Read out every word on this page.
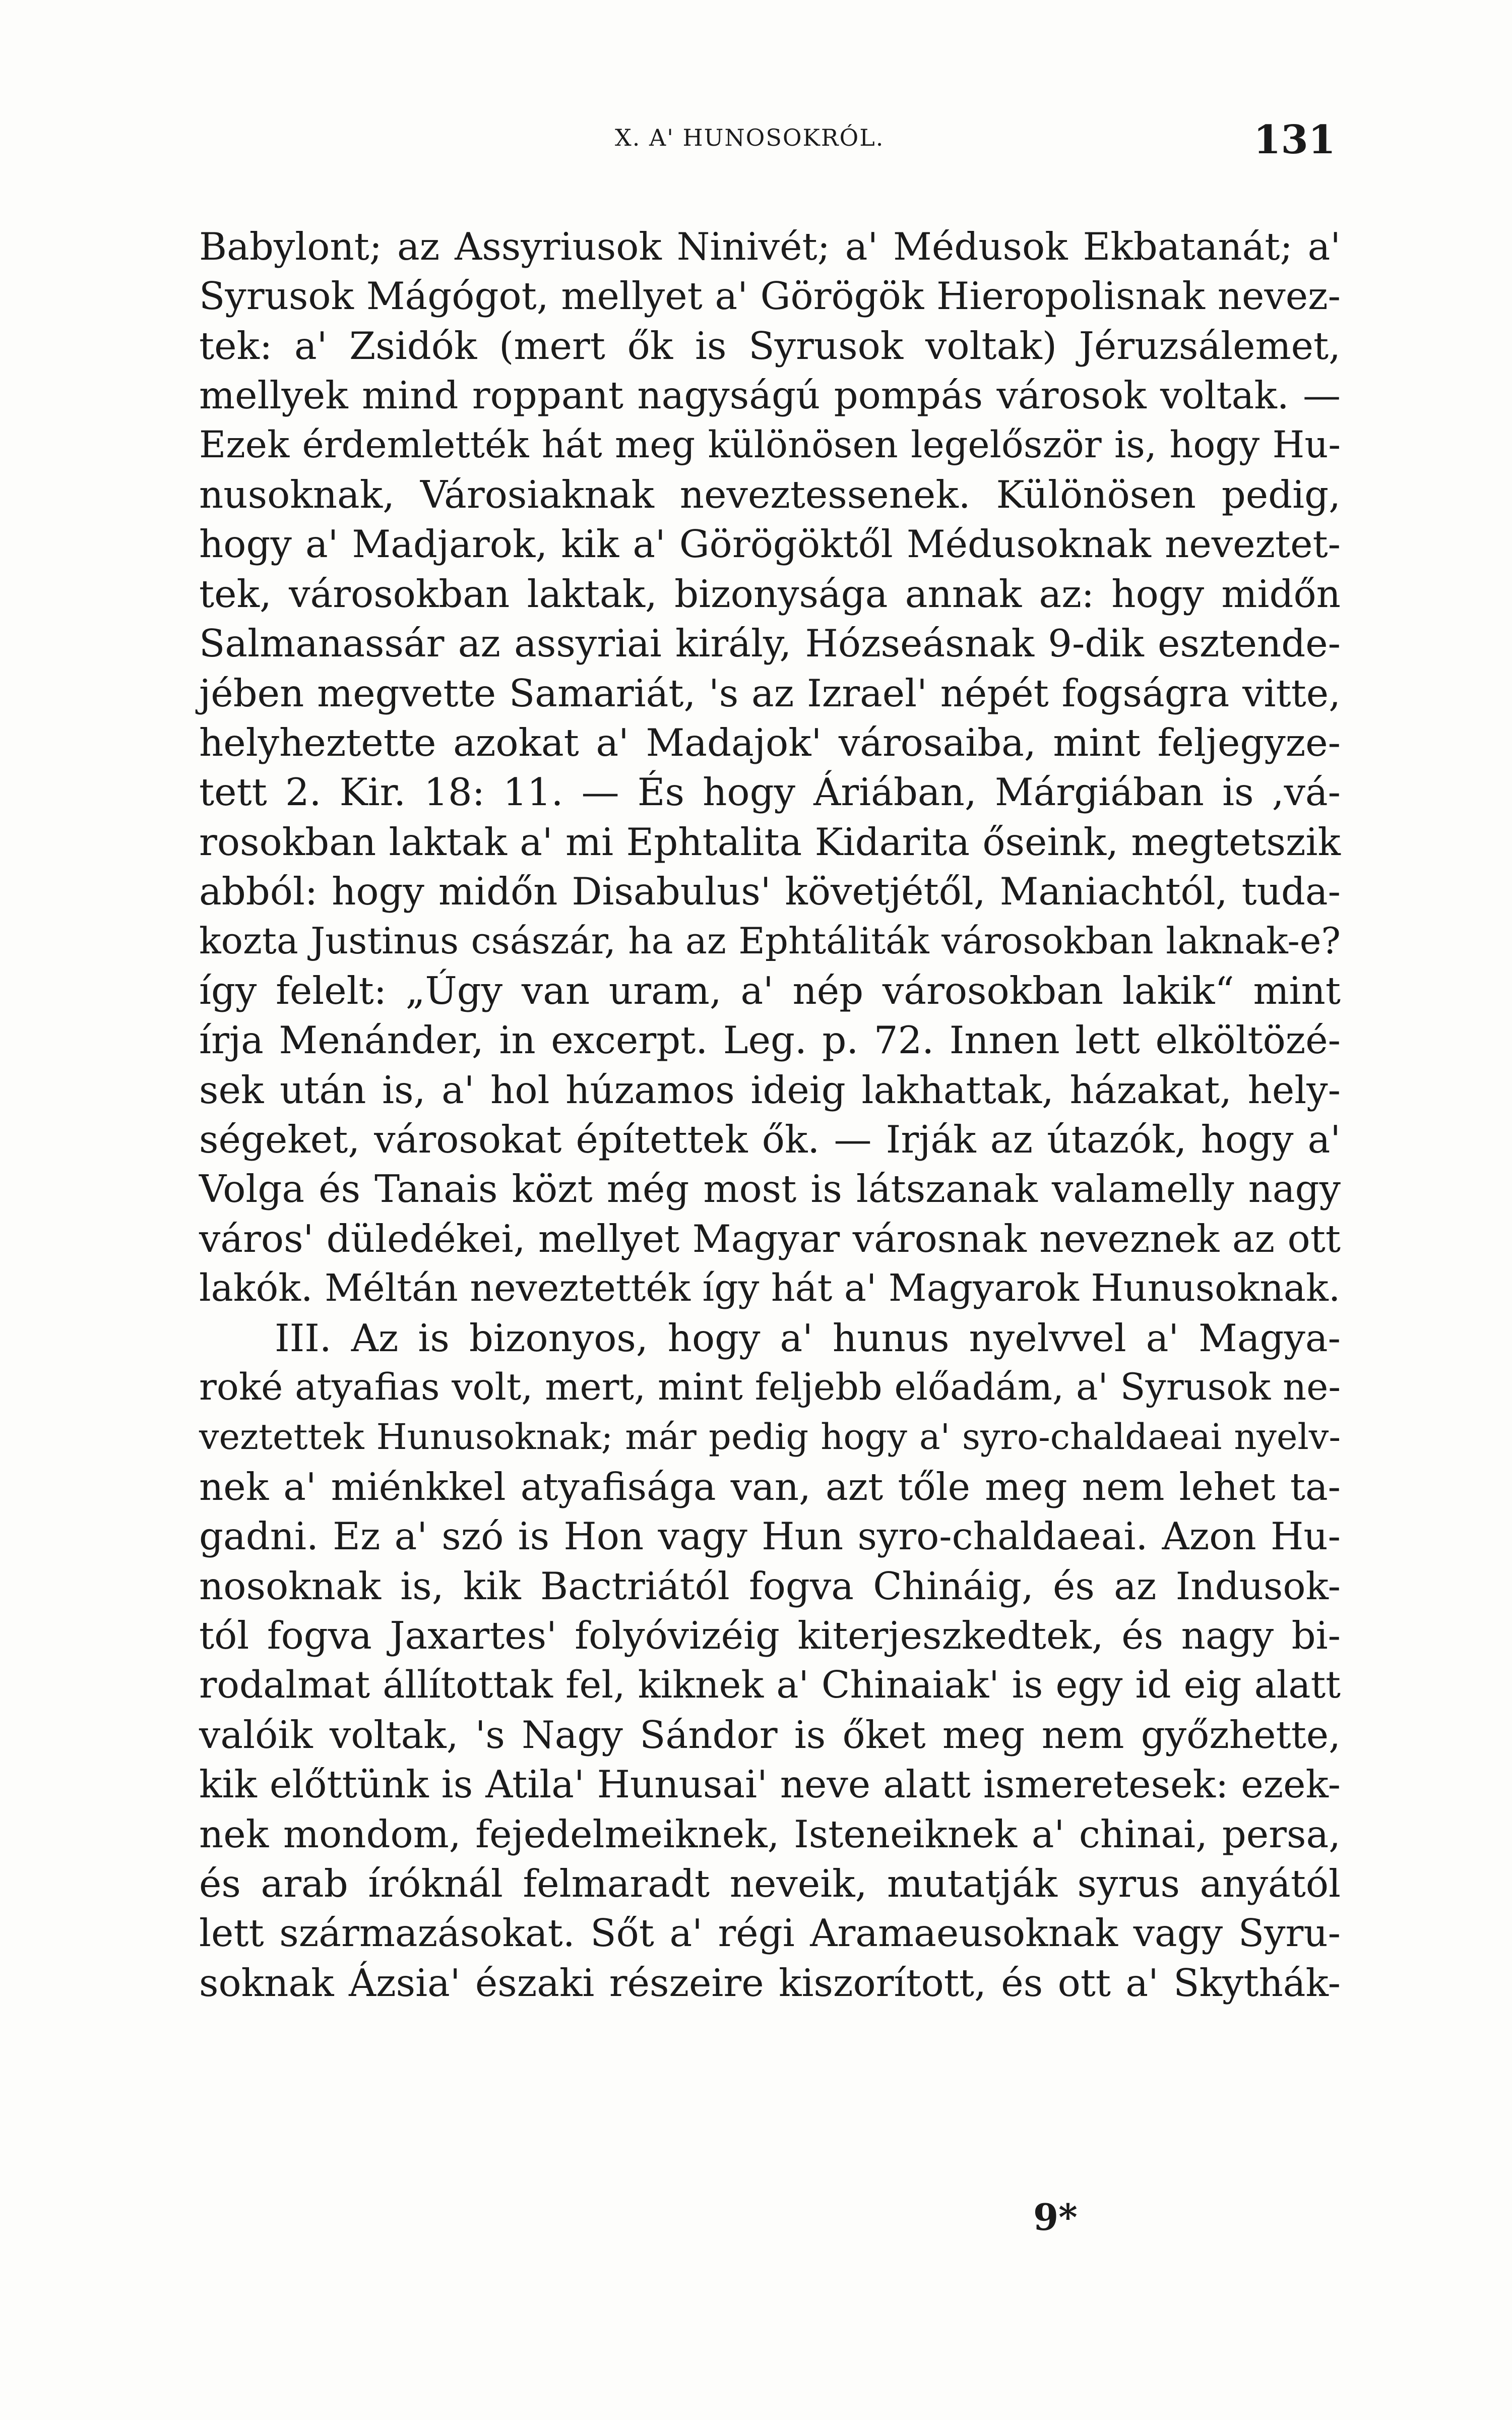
X. A' HUNOSOKRÓL.	131
Babylont; az Assyriusok Ninivét; a' Médusok Ekbatanát; a'
Syrusok Mágógot, mellyet a' Görögök Hieropolisnak nevez-
tek: a' Zsidók (mert ők is Syrusok voltak) Jéruzsálemet,
mellyek mind roppant nagyságú pompás városok voltak. —
Ezek érdemlették hát meg különösen legelőször is, hogy Hu-
nusoknak, Városiaknak neveztessenek. Különösen pedig,
hogy a' Madjarok, kik a' Görögöktől Médusoknak neveztet-
tek, városokban laktak, bizonysága annak az: hogy midőn
Salmanassár az assyriai király, Hózseásnak 9-dik esztende-
jében megvette Samariát, 's az Izrael' népét fogságra vitte,
helyheztette azokat a' Madajok' városaiba, mint feljegyze-
tett 2. Kir. 18: 11. — És hogy Áriában, Márgiában is ,vá-
rosokban laktak a' mi Ephtalita Kidarita őseink, megtetszik
abból: hogy midőn Disabulus' követjétől, Maniachtól, tuda-
kozta Justinus császár, ha az Ephtáliták városokban laknak-e?
így felelt: „Úgy van uram, a' nép városokban lakik“ mint
írja Menánder, in excerpt. Leg. p. 72. Innen lett elköltözé-
sek után is, a' hol húzamos ideig lakhattak, házakat, hely-
ségeket, városokat építettek ők. — Irják az útazók, hogy a'
Volga és Tanais közt még most is látszanak valamelly nagy
város' düledékei, mellyet Magyar városnak neveznek az ott
lakók. Méltán neveztették így hát a' Magyarok Hunusoknak.
III. Az is bizonyos, hogy a' hunus nyelvvel a' Magya-
roké atyafias volt, mert, mint feljebb előadám, a' Syrusok ne-
veztettek Hunusoknak; már pedig hogy a' syro-chaldaeai nyelv-
nek a' miénkkel atyafisága van, azt tőle meg nem lehet ta-
gadni. Ez a' szó is Hon vagy Hun syro-chaldaeai. Azon Hu-
nosoknak is, kik Bactriától fogva Chináig, és az Indusok-
tól fogva Jaxartes' folyóvizéig kiterjeszkedtek, és nagy bi-
rodalmat állítottak fel, kiknek a' Chinaiak' is egy id eig alatt
valóik voltak, 's Nagy Sándor is őket meg nem győzhette,
kik előttünk is Atila' Hunusai' neve alatt ismeretesek: ezek-
nek mondom, fejedelmeiknek, Isteneiknek a' chinai, persa,
és arab íróknál felmaradt neveik, mutatják syrus anyától
lett származásokat. Sőt a' régi Aramaeusoknak vagy Syru-
soknak Ázsia' északi részeire kiszorított, és ott a' Skythák-
9*
